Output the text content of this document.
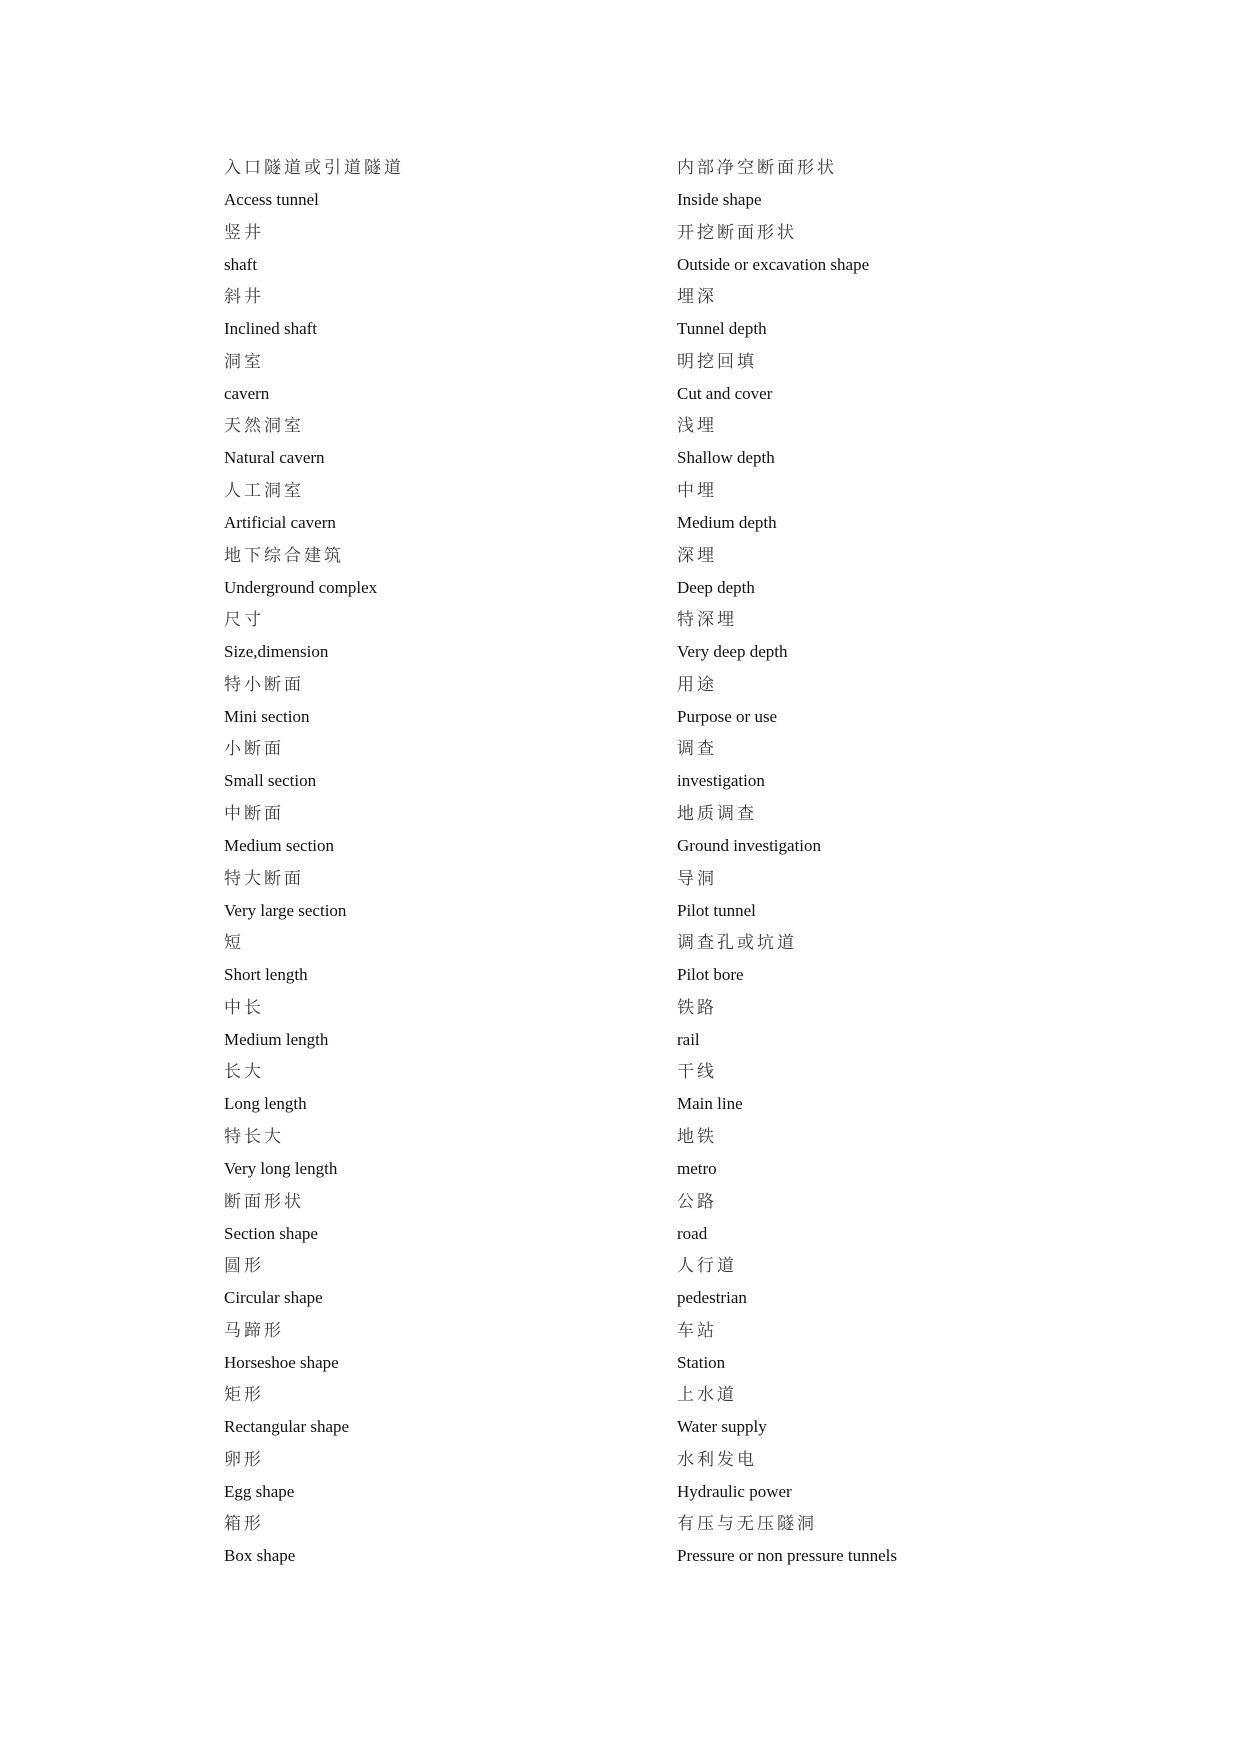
入口隧道或引道隧道
Access tunnel
竖井
shaft
斜井
Inclined shaft
洞室
cavern
天然洞室
Natural cavern
人工洞室
Artificial cavern
地下综合建筑
Underground complex
尺寸
Size,dimension
特小断面
Mini section
小断面
Small section
中断面
Medium section
特大断面
Very large section
短
Short length
中长
Medium length
长大
Long length
特长大
Very long length
断面形状
Section shape
圆形
Circular shape
马蹄形
Horseshoe shape
矩形
Rectangular shape
卵形
Egg shape
箱形
Box shape
内部净空断面形状
Inside shape
开挖断面形状
Outside or excavation shape
埋深
Tunnel depth
明挖回填
Cut and cover
浅埋
Shallow depth
中埋
Medium depth
深埋
Deep depth
特深埋
Very deep depth
用途
Purpose or use
调查
investigation
地质调查
Ground investigation
导洞
Pilot tunnel
调查孔或坑道
Pilot bore
铁路
rail
干线
Main line
地铁
metro
公路
road
人行道
pedestrian
车站
Station
上水道
Water supply
水利发电
Hydraulic power
有压与无压隧洞
Pressure or non pressure tunnels
